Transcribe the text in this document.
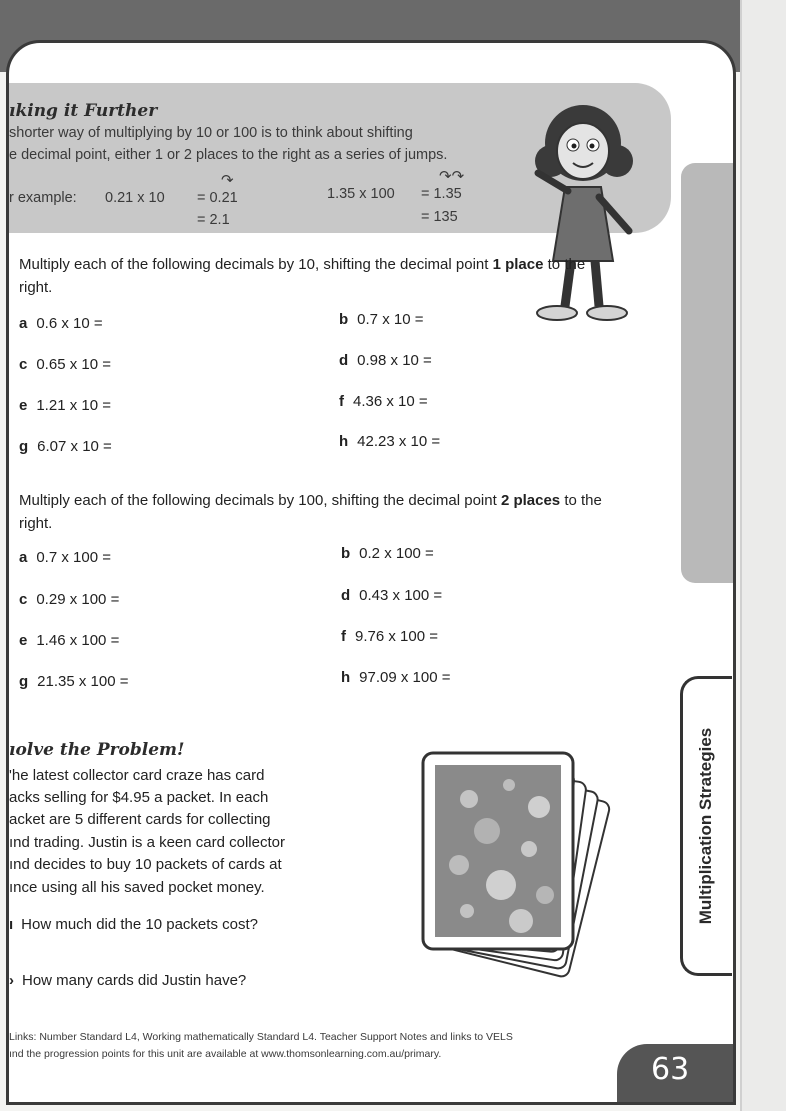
ıking it Further
shorter way of multiplying by 10 or 100 is to think about shifting
e decimal point, either 1 or 2 places to the right as a series of jumps.
r example: 0.21 x 10 = 0.21
↷
= 2.1
1.35 x 100 = 1.35
↷↷
= 135
Multiply each of the following decimals by 10, shifting the decimal point 1 place to the right.
a 0.6 x 10 =	b 0.7 x 10 =
c 0.65 x 10 =	d 0.98 x 10 =
e 1.21 x 10 =	f 4.36 x 10 =
g 6.07 x 10 =	h 42.23 x 10 =
Multiply each of the following decimals by 100, shifting the decimal point 2 places to the right.
a 0.7 x 100 =	b 0.2 x 100 =
c 0.29 x 100 =	d 0.43 x 100 =
e 1.46 x 100 =	f 9.76 x 100 =
g 21.35 x 100 =	h 97.09 x 100 =
ıolve the Problem!
'he latest collector card craze has card
acks selling for $4.95 a packet. In each
acket are 5 different cards for collecting
ınd trading. Justin is a keen card collector
ınd decides to buy 10 packets of cards at
ınce using all his saved pocket money.
ı How much did the 10 packets cost?
› How many cards did Justin have?
Links: Number Standard L4, Working mathematically Standard L4. Teacher Support Notes and links to VELS
ınd the progression points for this unit are available at www.thomsonlearning.com.au/primary.	63
Multiplication Strategies
